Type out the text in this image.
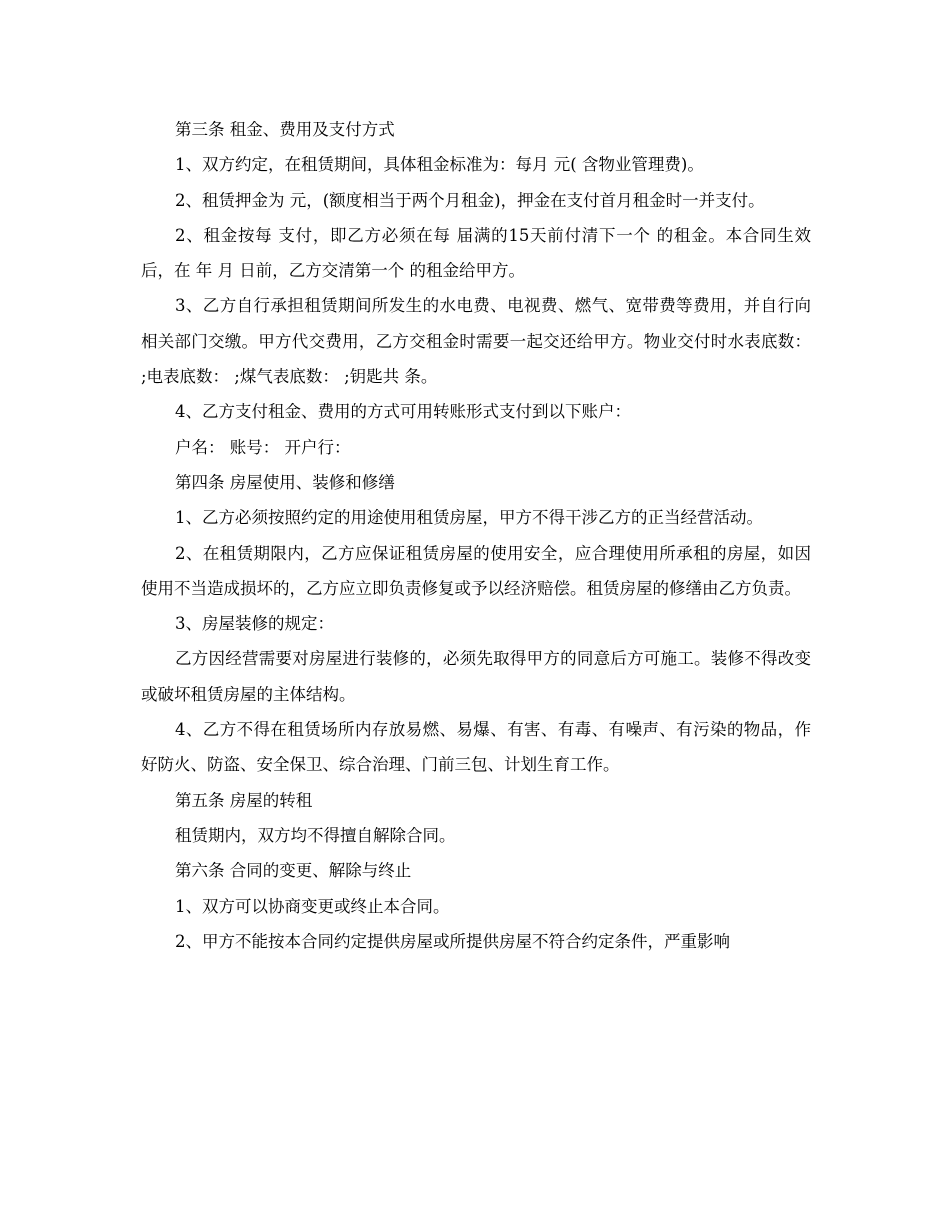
第三条 租金、费用及支付方式

1、双方约定，在租赁期间，具体租金标准为：每月 元( 含物业管理费)。

2、租赁押金为 元，(额度相当于两个月租金)，押金在支付首月租金时一并支付。

2、租金按每 支付，即乙方必须在每 届满的15天前付清下一个 的租金。本合同生效后，在 年 月 日前，乙方交清第一个 的租金给甲方。

3、乙方自行承担租赁期间所发生的水电费、电视费、燃气、宽带费等费用，并自行向相关部门交缴。甲方代交费用，乙方交租金时需要一起交还给甲方。物业交付时水表底数： ;电表底数： ;煤气表底数： ;钥匙共 条。

4、乙方支付租金、费用的方式可用转账形式支付到以下账户：

户名： 账号： 开户行：

第四条 房屋使用、装修和修缮

1、乙方必须按照约定的用途使用租赁房屋，甲方不得干涉乙方的正当经营活动。

2、在租赁期限内，乙方应保证租赁房屋的使用安全，应合理使用所承租的房屋，如因使用不当造成损坏的，乙方应立即负责修复或予以经济赔偿。租赁房屋的修缮由乙方负责。

3、房屋装修的规定：

乙方因经营需要对房屋进行装修的，必须先取得甲方的同意后方可施工。装修不得改变或破坏租赁房屋的主体结构。

4、乙方不得在租赁场所内存放易燃、易爆、有害、有毒、有噪声、有污染的物品，作好防火、防盗、安全保卫、综合治理、门前三包、计划生育工作。

第五条 房屋的转租

租赁期内，双方均不得擅自解除合同。

第六条 合同的变更、解除与终止

1、双方可以协商变更或终止本合同。

2、甲方不能按本合同约定提供房屋或所提供房屋不符合约定条件，严重影响
